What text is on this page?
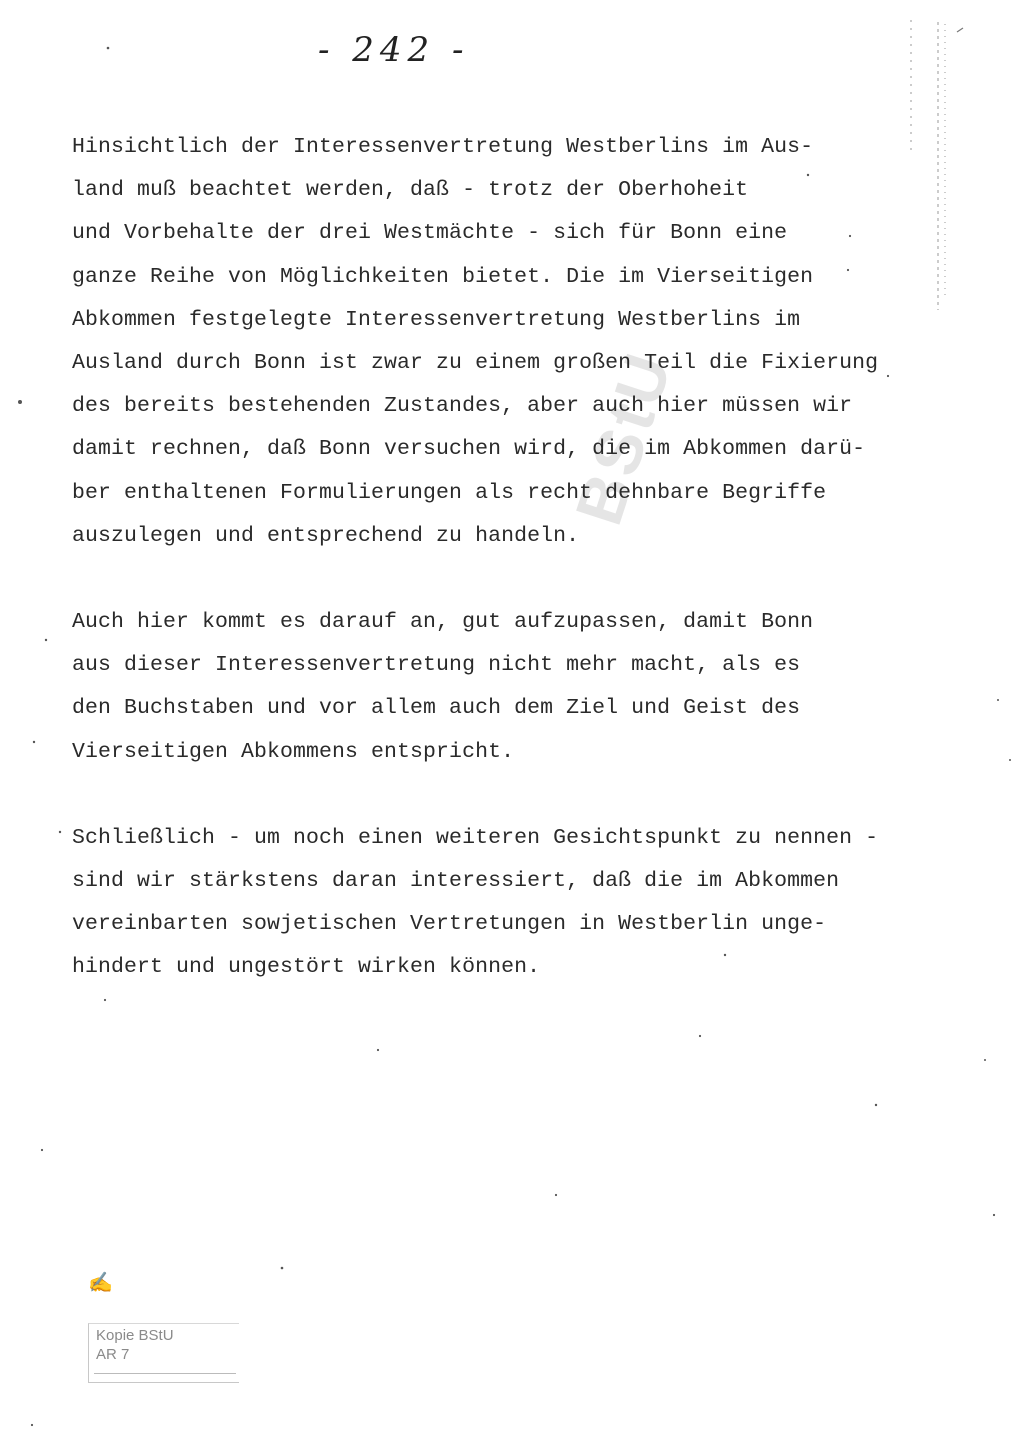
- 242 -
BStU
Hinsichtlich der Interessenvertretung Westberlins im Aus-
land muß beachtet werden, daß - trotz der Oberhoheit
und Vorbehalte der drei Westmächte - sich für Bonn eine
ganze Reihe von Möglichkeiten bietet. Die im Vierseitigen
Abkommen festgelegte Interessenvertretung Westberlins im
Ausland durch Bonn ist zwar zu einem großen Teil die Fixierung
des bereits bestehenden Zustandes, aber auch hier müssen wir
damit rechnen, daß Bonn versuchen wird, die im Abkommen darü-
ber enthaltenen Formulierungen als recht dehnbare Begriffe
auszulegen und entsprechend zu handeln.
Auch hier kommt es darauf an, gut aufzupassen, damit Bonn
aus dieser Interessenvertretung nicht mehr macht, als es
den Buchstaben und vor allem auch dem Ziel und Geist des
Vierseitigen Abkommens entspricht.
Schließlich - um noch einen weiteren Gesichtspunkt zu nennen -
sind wir stärkstens daran interessiert, daß die im Abkommen
vereinbarten sowjetischen Vertretungen in Westberlin unge-
hindert und ungestört wirken können.
✍
Kopie BStU
AR 7
